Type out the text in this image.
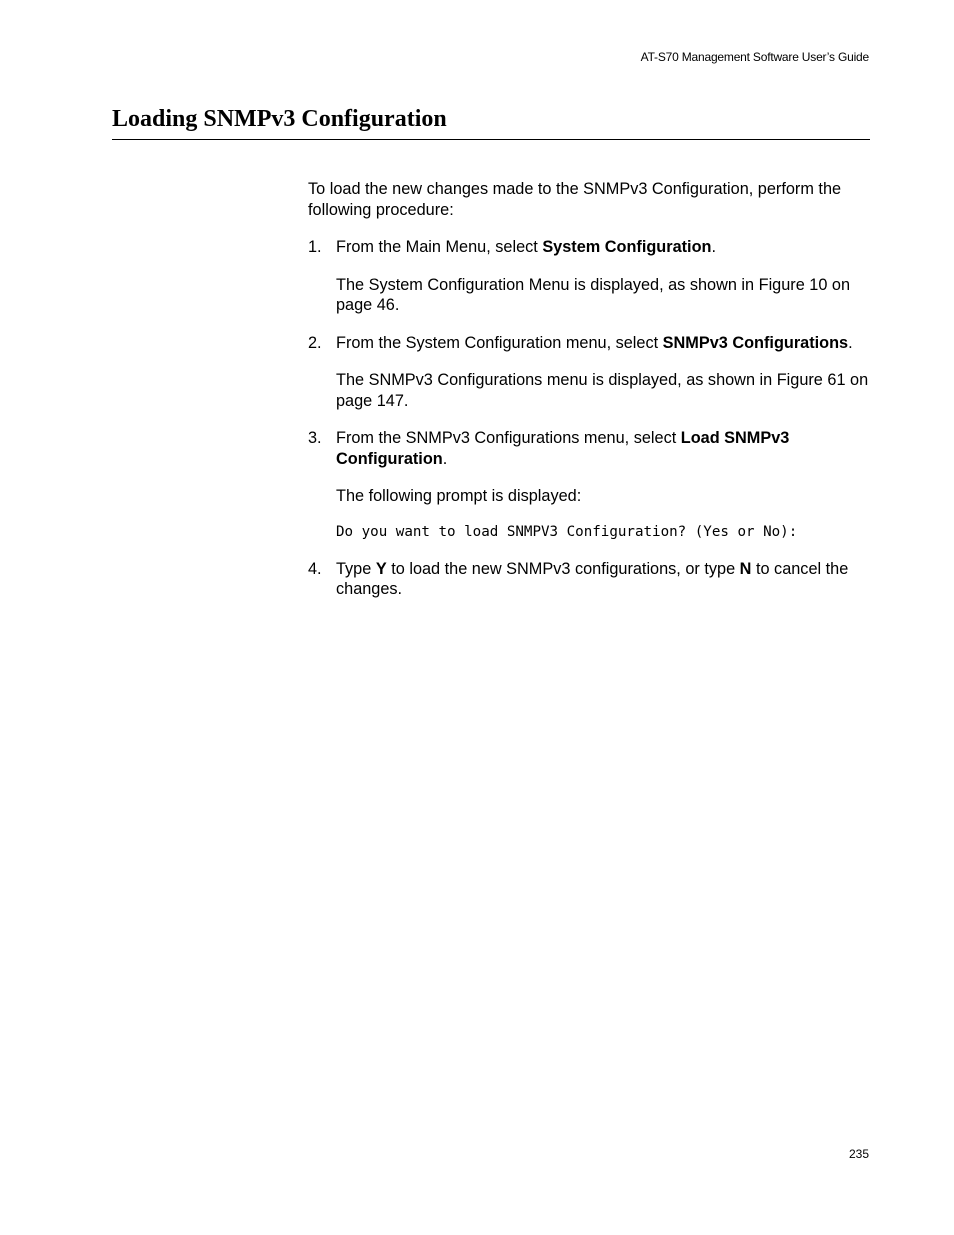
AT-S70 Management Software User’s Guide
Loading SNMPv3 Configuration

To load the new changes made to the SNMPv3 Configuration, perform the following procedure:

1. From the Main Menu, select System Configuration.

The System Configuration Menu is displayed, as shown in Figure 10 on page 46.

2. From the System Configuration menu, select SNMPv3 Configurations.

The SNMPv3 Configurations menu is displayed, as shown in Figure 61 on page 147.

3. From the SNMPv3 Configurations menu, select Load SNMPv3 Configuration.

The following prompt is displayed:

Do you want to load SNMPV3 Configuration? (Yes or No):

4. Type Y to load the new SNMPv3 configurations, or type N to cancel the changes.

235
